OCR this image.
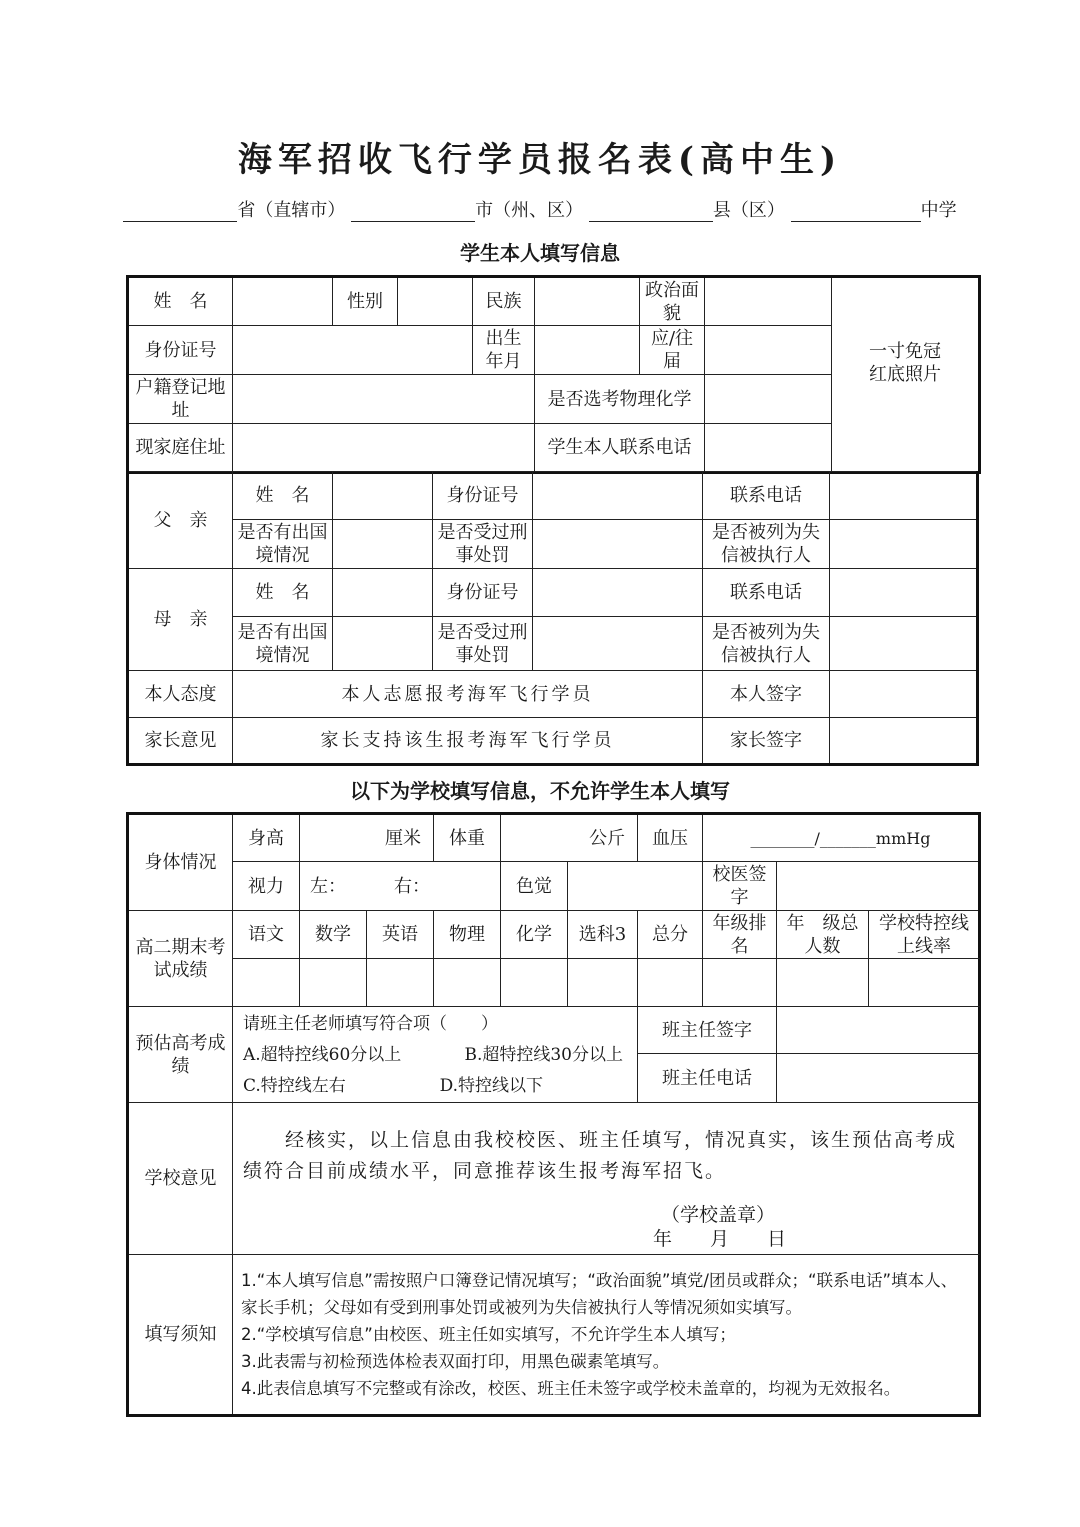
海军招收飞行学员报名表(高中生)
省（直辖市）	市（州、区）	县（区）	中学
学生本人填写信息
姓　名		性别		民族		政治面貌		一寸免冠红底照片
身份证号				出生年月		应/往届		
户籍登记地址					是否选考物理化学			
现家庭住址					学生本人联系电话			
父　亲	姓　名		身份证号		联系电话	
	是否有出国境情况		是否受过刑事处罚		是否被列为失信被执行人	
母　亲	姓　名		身份证号		联系电话	
	是否有出国境情况		是否受过刑事处罚		是否被列为失信被执行人	
本人态度	本人志愿报考海军飞行学员				本人签字	
家长意见	家长支持该生报考海军飞行学员				家长签字	
以下为学校填写信息，不允许学生本人填写
身体情况	身高	厘米		体重	公斤		血压	________/_______mmHg		
	视力	左： 右：			色觉			校医签字		
高二期末考试成绩	语文	数学	英语	物理	化学	选科3	总分	年级排名	年　级总人数	学校特控线上线率

预估高考成绩	请班主任老师填写符合项（　　）
A.超特控线60分以上 B.超特控线30分以上
C.特控线左右 D.特控线以下						班主任签字			
							班主任电话			
学校意见	经核实，以上信息由我校校医、班主任填写，情况真实，该生预估高考成绩符合目前成绩水平，同意推荐该生报考海军招飞。
（学校盖章）
年　　月　　日									

填写须知	1.“本人填写信息”需按照户口簿登记情况填写；“政治面貌”填党/团员或群众；“联系电话”填本人、家长手机；父母如有受到刑事处罚或被列为失信被执行人等情况须如实填写。
2.“学校填写信息”由校医、班主任如实填写，不允许学生本人填写；
3.此表需与初检预选体检表双面打印，用黑色碳素笔填写。
4.此表信息填写不完整或有涂改，校医、班主任未签字或学校未盖章的，均视为无效报名。									
